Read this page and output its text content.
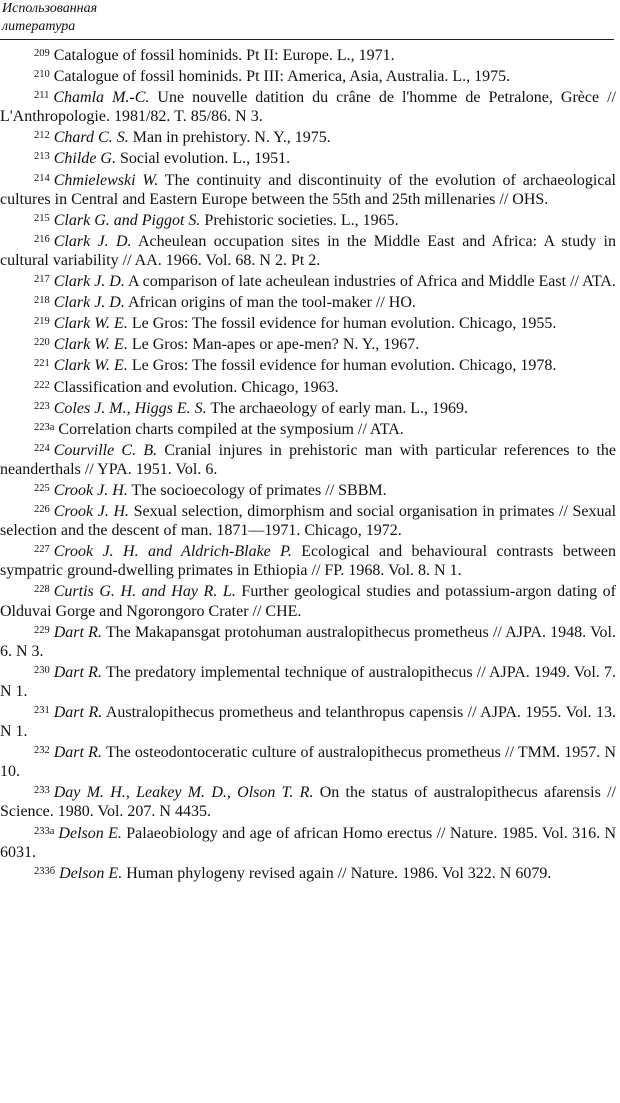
Использованная
литература

$^{209}$ Catalogue of fossil hominids. Pt II: Europe. L., 1971.

$^{210}$ Catalogue of fossil hominids. Pt III: America, Asia, Australia. L., 1975.

$^{211}$ Chamla M.-C. Une nouvelle datition du crâne de l'homme de Petralone, Grèce // L'Anthropologie. 1981/82. T. 85/86. N 3.

$^{212}$ Chard C. S. Man in prehistory. N. Y., 1975.

$^{213}$ Childe G. Social evolution. L., 1951.

$^{214}$ Chmielewski W. The continuity and discontinuity of the evolution of archaeological cultures in Central and Eastern Europe between the 55th and 25th millenaries // OHS.

$^{215}$ Clark G. and Piggot S. Prehistoric societies. L., 1965.

$^{216}$ Clark J. D. Acheulean occupation sites in the Middle East and Africa: A study in cultural variability // AA. 1966. Vol. 68. N 2. Pt 2.

$^{217}$ Clark J. D. A comparison of late acheulean industries of Africa and Middle East // ATA.

$^{218}$ Clark J. D. African origins of man the tool-maker // HO.

$^{219}$ Clark W. E. Le Gros: The fossil evidence for human evolution. Chicago, 1955.

$^{220}$ Clark W. E. Le Gros: Man-apes or ape-men? N. Y., 1967.

$^{221}$ Clark W. E. Le Gros: The fossil evidence for human evolution. Chicago, 1978.

$^{222}$ Classification and evolution. Chicago, 1963.

$^{223}$ Coles J. M., Higgs E. S. The archaeology of early man. L., 1969.

$^{223a}$ Correlation charts compiled at the symposium // ATA.

$^{224}$ Courville C. B. Cranial injures in prehistoric man with particular references to the neanderthals // YPA. 1951. Vol. 6.

$^{225}$ Crook J. H. The socioecology of primates // SBBM.

$^{226}$ Crook J. H. Sexual selection, dimorphism and social organisation in primates // Sexual selection and the descent of man. 1871—1971. Chicago, 1972.

$^{227}$ Crook J. H. and Aldrich-Blake P. Ecological and behavioural contrasts between sympatric ground-dwelling primates in Ethiopia // FP. 1968. Vol. 8. N 1.

$^{228}$ Curtis G. H. and Hay R. L. Further geological studies and potassium-argon dating of Olduvai Gorge and Ngorongoro Crater // CHE.

$^{229}$ Dart R. The Makapansgat protohuman australopithecus prometheus // AJPA. 1948. Vol. 6. N 3.

$^{230}$ Dart R. The predatory implemental technique of australopithecus // AJPA. 1949. Vol. 7. N 1.

$^{231}$ Dart R. Australopithecus prometheus and telanthropus capensis // AJPA. 1955. Vol. 13. N 1.

$^{232}$ Dart R. The osteodontoceratic culture of australopithecus prometheus // TMM. 1957. N 10.

$^{233}$ Day M. H., Leakey M. D., Olson T. R. On the status of australopithecus afarensis // Science. 1980. Vol. 207. N 4435.

$^{233a}$ Delson E. Palaeobiology and age of african Homo erectus // Nature. 1985. Vol. 316. N 6031.

$^{233б}$ Delson E. Human phylogeny revised again // Nature. 1986. Vol 322. N 6079.
